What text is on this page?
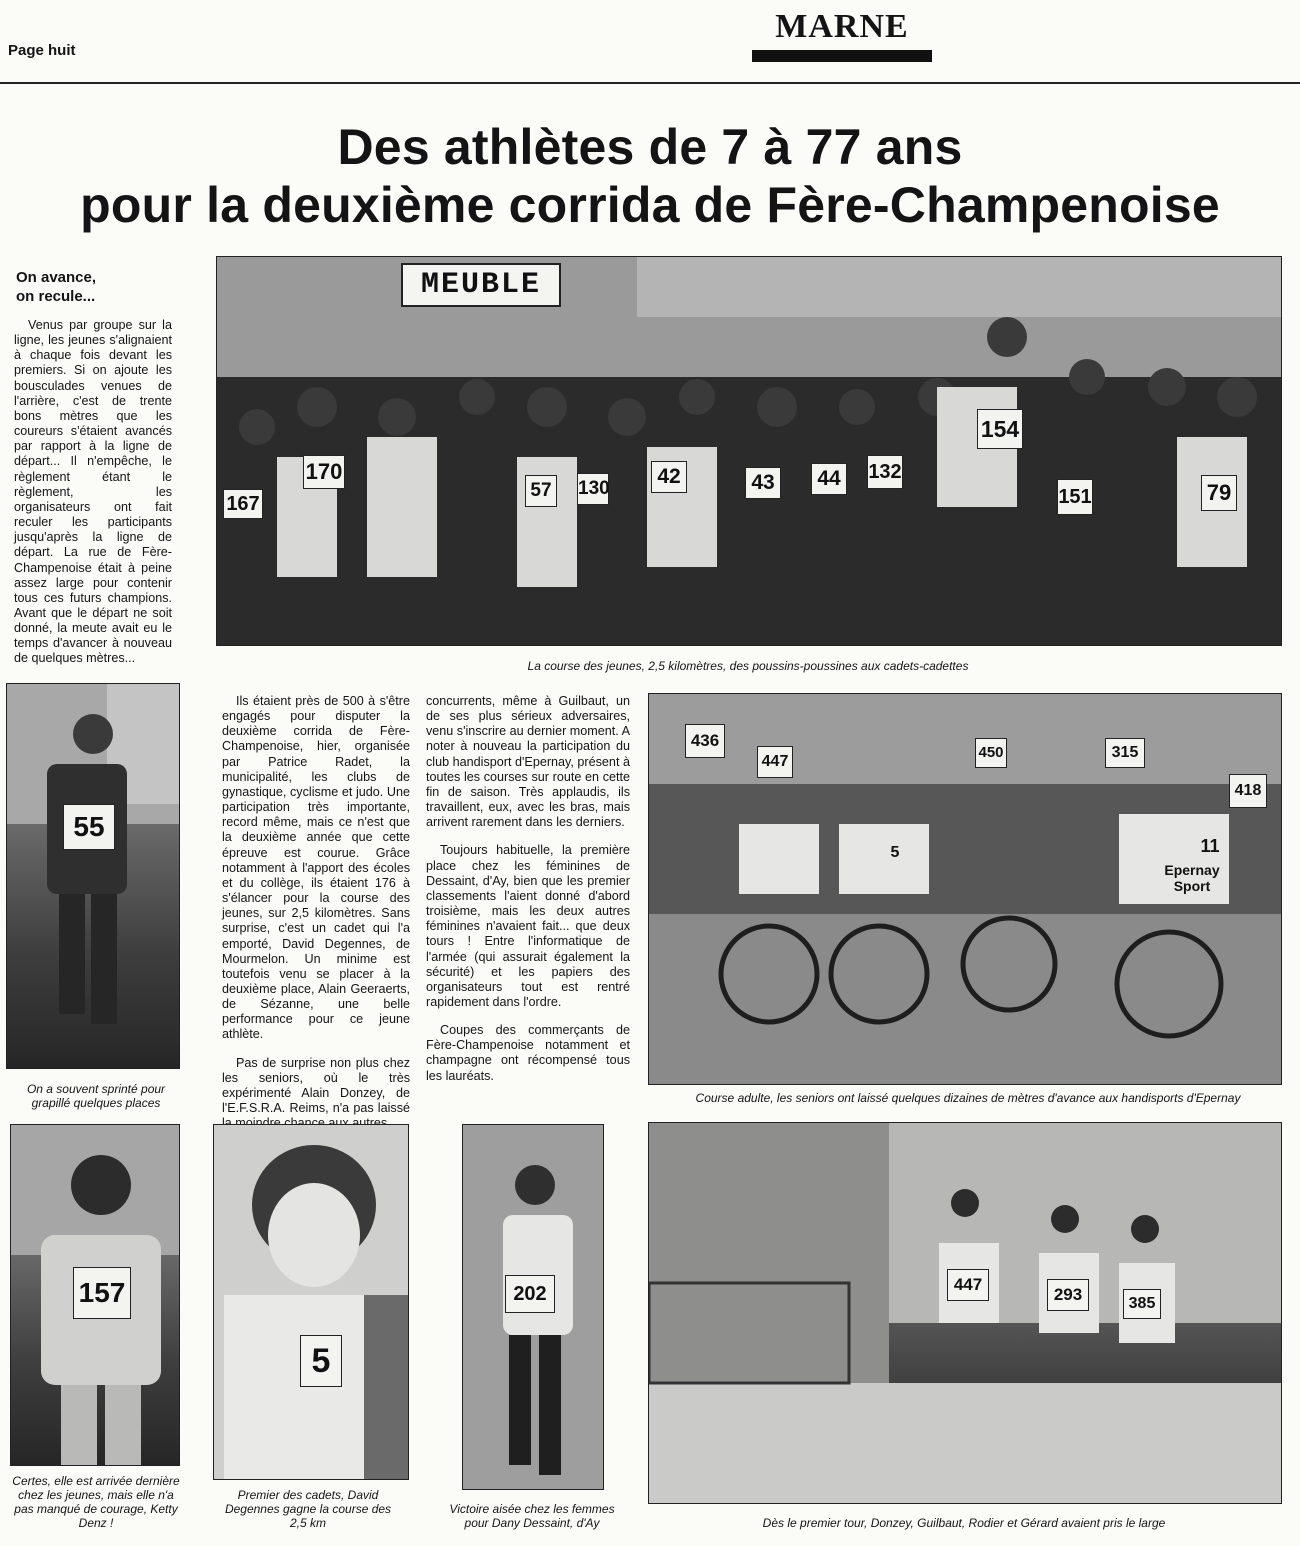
Page huit
MARNE
Des athlètes de 7 à 77 ans
pour la deuxième corrida de Fère-Champenoise
On avance,
on recule...

Venus par groupe sur la ligne, les jeunes s'alignaient à chaque fois devant les premiers. Si on ajoute les bousculades venues de l'arrière, c'est de trente bons mètres que les coureurs s'étaient avancés par rapport à la ligne de départ... Il n'empêche, le règlement étant le règlement, les organisateurs ont fait reculer les participants jusqu'après la ligne de départ. La rue de Fère-Champenoise était à peine assez large pour contenir tous ces futurs champions. Avant que le départ ne soit donné, la meute avait eu le temps d'avancer à nouveau de quelques mètres...

MEUBLE
167
170
57 130
42	43	44	132
154
151	79
La course des jeunes, 2,5 kilomètres, des poussins-poussines aux cadets-cadettes
55
On a souvent sprinté pour
grapillé quelques places

Ils étaient près de 500 à s'être engagés pour disputer la deuxième corrida de Fère-Champenoise, hier, organisée par Patrice Radet, la municipalité, les clubs de gynastique, cyclisme et judo. Une participation très importante, record même, mais ce n'est que la deuxième année que cette épreuve est courue. Grâce notamment à l'apport des écoles et du collège, ils étaient 176 à s'élancer pour la course des jeunes, sur 2,5 kilomètres. Sans surprise, c'est un cadet qui l'a emporté, David Degennes, de Mourmelon. Un minime est toutefois venu se placer à la deuxième place, Alain Geeraerts, de Sézanne, une belle performance pour ce jeune athlète.

Pas de surprise non plus chez les seniors, où le très expérimenté Alain Donzey, de l'E.F.S.R.A. Reims, n'a pas laissé

concurrents, même à Guilbaut, un de ses plus sérieux adversaires, venu s'inscrire au dernier moment. A noter à nouveau la participation du club handisport d'Epernay, présent à toutes les courses sur route en cette fin de saison. Très applaudis, ils travaillent, eux, avec les bras, mais arrivent rarement dans les derniers.

Toujours habituelle, la première place chez les féminines de Dessaint, d'Ay, bien que les premier classements l'aient donné d'abord troisième, mais les deux autres féminines n'avaient fait... que deux tours ! Entre l'informatique de l'armée (qui assurait également la sécurité) et les papiers des organisateurs tout est rentré rapidement dans l'ordre.

Coupes des commerçants de Fère-Champenoise notamment et champagne ont récompensé tous les lauréats.

436
447
450	315
418
11
5
Epernay Sport
Course adulte, les seniors ont laissé quelques dizaines de mètres d'avance aux handisports d'Epernay
157
Certes, elle est arrivée dernière
chez les jeunes, mais elle n'a
pas manqué de courage, Ketty
Denz !
5
Premier des cadets, David
Degennes gagne la course des
2,5 km
202
Victoire aisée chez les femmes
pour Dany Dessaint, d'Ay
447
293	385
Dès le premier tour, Donzey, Guilbaut, Rodier et Gérard avaient pris le large
